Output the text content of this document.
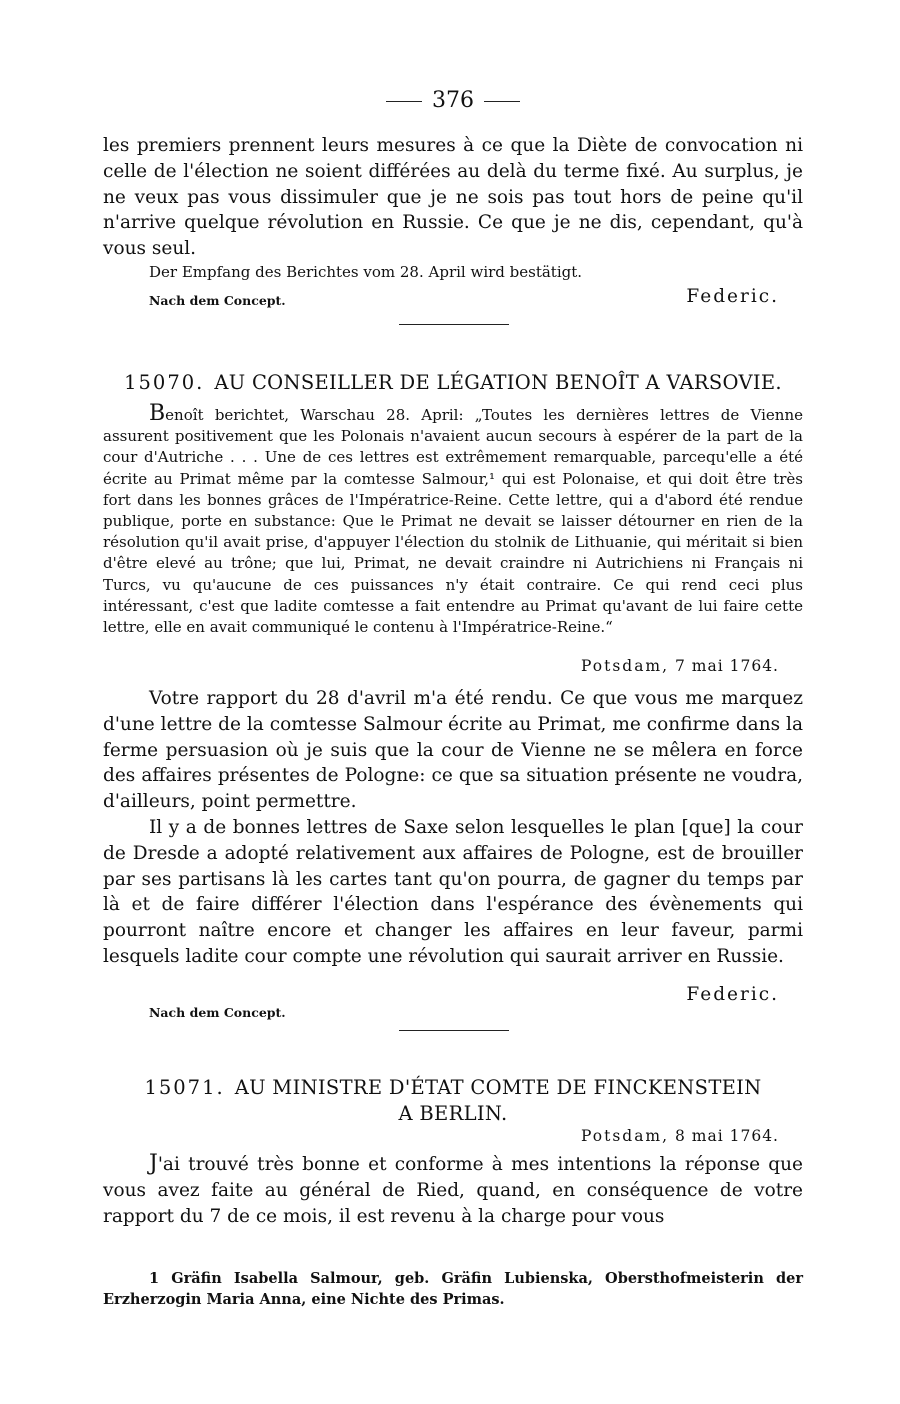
376

les premiers prennent leurs mesures à ce que la Diète de convocation ni celle de l'élection ne soient différées au delà du terme fixé. Au surplus, je ne veux pas vous dissimuler que je ne sois pas tout hors de peine qu'il n'arrive quelque révolution en Russie. Ce que je ne dis, cependant, qu'à vous seul.

Der Empfang des Berichtes vom 28. April wird bestätigt.

Nach dem Concept.	Federic.
15070. AU CONSEILLER DE LÉGATION BENOÎT A VARSOVIE.

Benoît berichtet, Warschau 28. April: „Toutes les dernières lettres de Vienne assurent positivement que les Polonais n'avaient aucun secours à espérer de la part de la cour d'Autriche . . . Une de ces lettres est extrêmement remarquable, parcequ'elle a été écrite au Primat même par la comtesse Salmour,¹ qui est Polonaise, et qui doit être très fort dans les bonnes grâces de l'Impératrice-Reine. Cette lettre, qui a d'abord été rendue publique, porte en substance: Que le Primat ne devait se laisser détourner en rien de la résolution qu'il avait prise, d'appuyer l'élection du stolnik de Lithuanie, qui méritait si bien d'être elevé au trône; que lui, Primat, ne devait craindre ni Autrichiens ni Français ni Turcs, vu qu'aucune de ces puissances n'y était contraire. Ce qui rend ceci plus intéressant, c'est que ladite comtesse a fait entendre au Primat qu'avant de lui faire cette lettre, elle en avait communiqué le contenu à l'Impératrice-Reine.“

Potsdam, 7 mai 1764.

Votre rapport du 28 d'avril m'a été rendu. Ce que vous me marquez d'une lettre de la comtesse Salmour écrite au Primat, me confirme dans la ferme persuasion où je suis que la cour de Vienne ne se mêlera en force des affaires présentes de Pologne: ce que sa situation présente ne voudra, d'ailleurs, point permettre.

Il y a de bonnes lettres de Saxe selon lesquelles le plan [que] la cour de Dresde a adopté relativement aux affaires de Pologne, est de brouiller par ses partisans là les cartes tant qu'on pourra, de gagner du temps par là et de faire différer l'élection dans l'espérance des évènements qui pourront naître encore et changer les affaires en leur faveur, parmi lesquels ladite cour compte une révolution qui saurait arriver en Russie.

Federic.
Nach dem Concept.
15071. AU MINISTRE D'ÉTAT COMTE DE FINCKENSTEIN
A BERLIN.
Potsdam, 8 mai 1764.

J'ai trouvé très bonne et conforme à mes intentions la réponse que vous avez faite au général de Ried, quand, en conséquence de votre rapport du 7 de ce mois, il est revenu à la charge pour vous

1 Gräfin Isabella Salmour, geb. Gräfin Lubienska, Obersthofmeisterin der Erzherzogin Maria Anna, eine Nichte des Primas.
